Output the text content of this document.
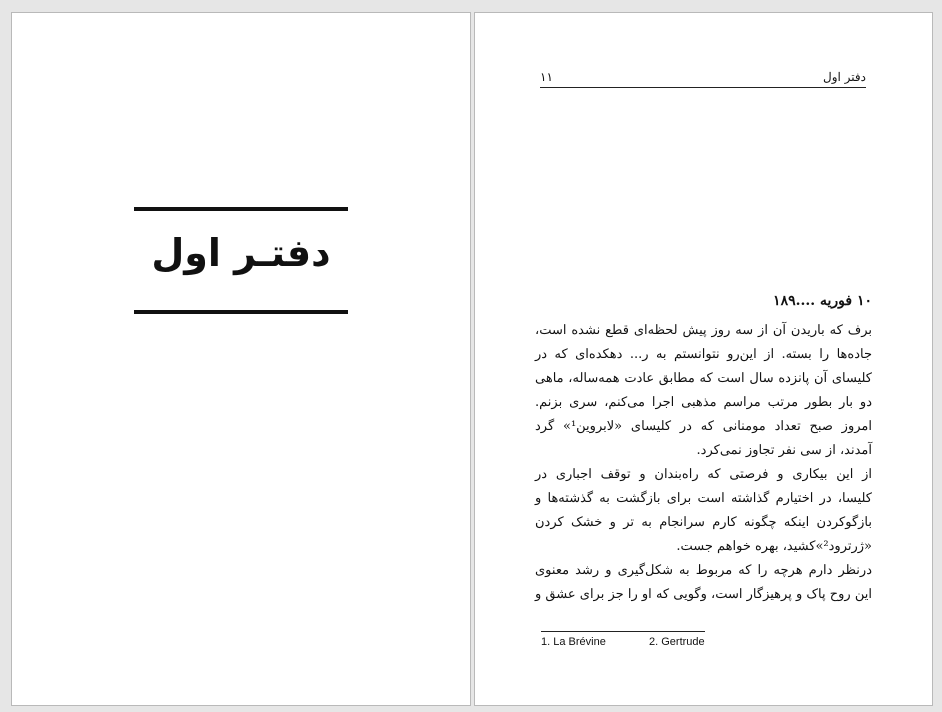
دفتـر اول
۱۱	دفتر اول
۱۰ فوریه ....۱۸۹
برف که باریدن آن از سه روز پیش لحظه‌ای قطع نشده است،
جاده‌ها را بسته. از این‌رو نتوانستم به ر... دهکده‌ای که در
کلیسای آن پانزده سال است که مطابق عادت همه‌ساله، ماهی
دو بار بطور مرتب مراسم مذهبی اجرا می‌کنم، سری بزنم.
امروز صبح تعداد مومنانی که در کلیسای «لابروین¹» گرد
آمدند، از سی نفر تجاوز نمی‌کرد.
از این بیکاری و فرصتی که راه‌بندان و توقف اجباری در
کلیسا، در اختیارم گذاشته است برای بازگشت به گذشته‌ها و
بازگوکردن اینکه چگونه کارم سرانجام به تر و خشک کردن
«ژرترود²»کشید، بهره خواهم جست.
درنظر دارم هرچه را که مربوط به شکل‌گیری و رشد معنوی
این روح پاک و پرهیزگار است، وگویی که او را جز برای عشق و
1. La Brévine	2. Gertrude
